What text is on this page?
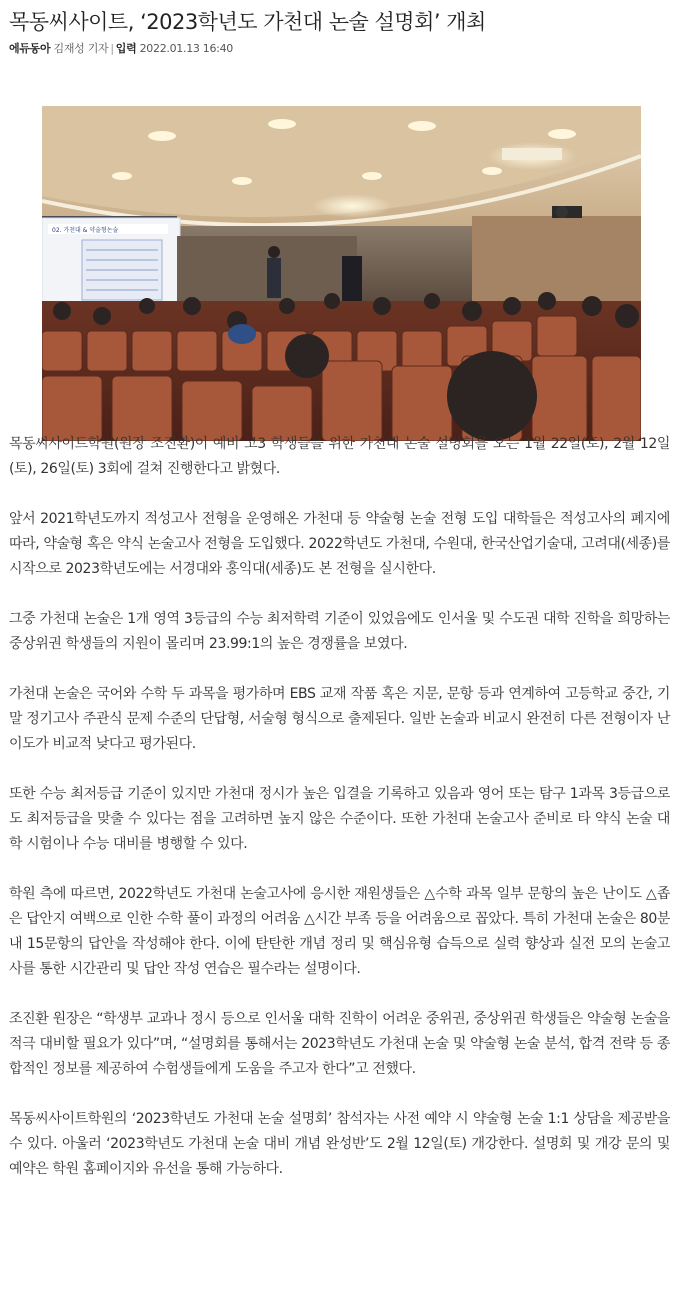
목동씨사이트, ‘2023학년도 가천대 논술 설명회’ 개최
에듀동아 김재성 기자 | 입력 2022.01.13 16:40
02. 가천대 & 약술형논술

목동씨사이트학원(원장 조진환)이 예비 고3 학생들을 위한 가천대 논술 설명회를 오는 1월 22일(토), 2월 12일(토), 26일(토) 3회에 걸쳐 진행한다고 밝혔다.

앞서 2021학년도까지 적성고사 전형을 운영해온 가천대 등 약술형 논술 전형 도입 대학들은 적성고사의 폐지에 따라, 약술형 혹은 약식 논술고사 전형을 도입했다. 2022학년도 가천대, 수원대, 한국산업기술대, 고려대(세종)를 시작으로 2023학년도에는 서경대와 홍익대(세종)도 본 전형을 실시한다.

그중 가천대 논술은 1개 영역 3등급의 수능 최저학력 기준이 있었음에도 인서울 및 수도권 대학 진학을 희망하는 중상위권 학생들의 지원이 몰리며 23.99:1의 높은 경쟁률을 보였다.

가천대 논술은 국어와 수학 두 과목을 평가하며 EBS 교재 작품 혹은 지문, 문항 등과 연계하여 고등학교 중간, 기말 정기고사 주관식 문제 수준의 단답형, 서술형 형식으로 출제된다. 일반 논술과 비교시 완전히 다른 전형이자 난이도가 비교적 낮다고 평가된다.

또한 수능 최저등급 기준이 있지만 가천대 정시가 높은 입결을 기록하고 있음과 영어 또는 탐구 1과목 3등급으로도 최저등급을 맞출 수 있다는 점을 고려하면 높지 않은 수준이다. 또한 가천대 논술고사 준비로 타 약식 논술 대학 시험이나 수능 대비를 병행할 수 있다.

학원 측에 따르면, 2022학년도 가천대 논술고사에 응시한 재원생들은 △수학 과목 일부 문항의 높은 난이도 △좁은 답안지 여백으로 인한 수학 풀이 과정의 어려움 △시간 부족 등을 어려움으로 꼽았다. 특히 가천대 논술은 80분 내 15문항의 답안을 작성해야 한다. 이에 탄탄한 개념 정리 및 핵심유형 습득으로 실력 향상과 실전 모의 논술고사를 통한 시간관리 및 답안 작성 연습은 필수라는 설명이다.

조진환 원장은 “학생부 교과나 정시 등으로 인서울 대학 진학이 어려운 중위권, 중상위권 학생들은 약술형 논술을 적극 대비할 필요가 있다”며, “설명회를 통해서는 2023학년도 가천대 논술 및 약술형 논술 분석, 합격 전략 등 종합적인 정보를 제공하여 수험생들에게 도움을 주고자 한다”고 전했다.

목동씨사이트학원의 ‘2023학년도 가천대 논술 설명회’ 참석자는 사전 예약 시 약술형 논술 1:1 상담을 제공받을 수 있다. 아울러 ‘2023학년도 가천대 논술 대비 개념 완성반’도 2월 12일(토) 개강한다. 설명회 및 개강 문의 및 예약은 학원 홈페이지와 유선을 통해 가능하다.
